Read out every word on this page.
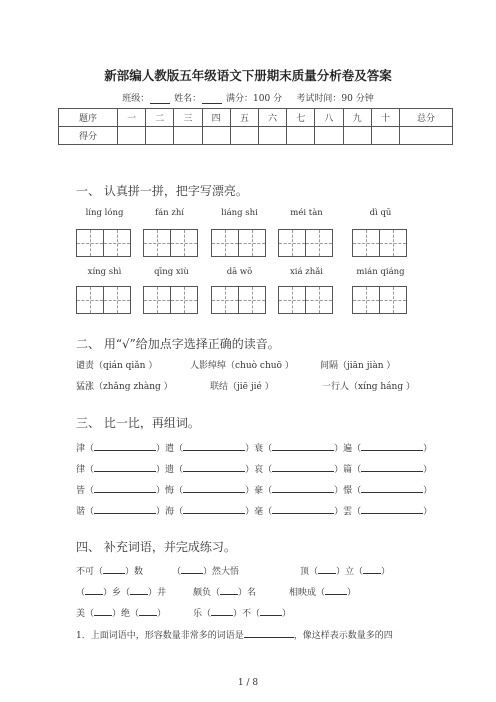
新部编人教版五年级语文下册期末质量分析卷及答案
班级：	姓名：	满分：100 分 考试时间：90 分钟
题序	一	二	三	四	五	六	七	八	九	十	总分
得分											
一、 认真拼一拼，把字写漂亮。
líng lóng	fán zhí	liáng shi	méi tàn	dì qū
xíng shì	qīng xiù	dā wō	xiá zhǎi	mián qiáng
二、 用“√”给加点字选择正确的读音。
谴责（qián qiǎn ）	人影绰绰（chuò chuō ）	间隔（jiān jiàn ）
猛涨（zhǎng zhàng ）	联结（jiē jié ）	一行人（xíng háng ）
三、 比一比，再组词。
津（	）遣（	）衰（	）遍（	）
律（	）遗（	）哀（	）篇（	）
皆（	）悔（	）豪（	）憬（	）
谐（	）海（	）毫（	）雲（	）
四、 补充词语，并完成练习。
不可（ ）数	（ ）然大悟	顶（ ）立（ ）
（ ）乡（ ）井	颇负（ ）名	相映成（ ）
美（ ）绝（ ）	乐（ ）不（ ）
1．上面词语中，形容数量非常多的词语是	，像这样表示数量多的四
1 / 8
